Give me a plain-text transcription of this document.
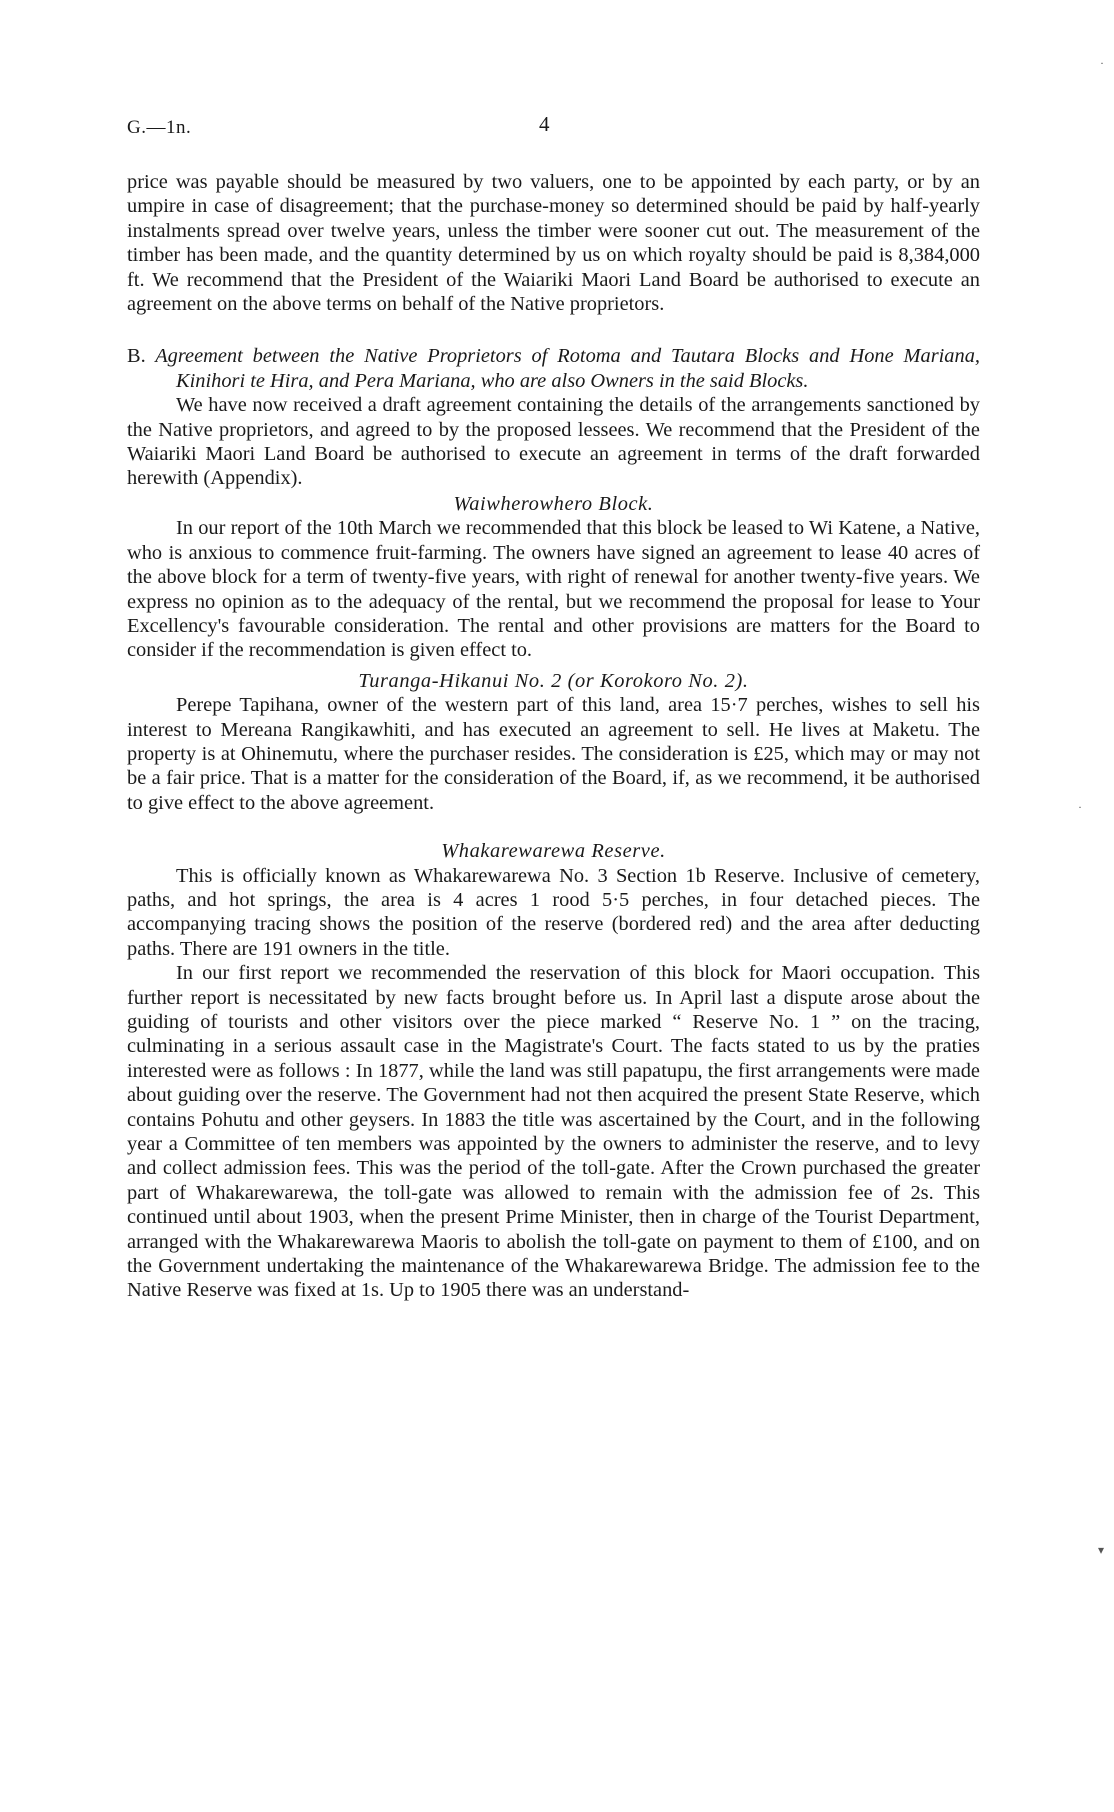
·
·
▾
G.—1n.	4

price was payable should be measured by two valuers, one to be appointed by each party, or by an umpire in case of disagreement; that the purchase-money so determined should be paid by half-yearly instalments spread over twelve years, unless the timber were sooner cut out. The measurement of the timber has been made, and the quantity determined by us on which royalty should be paid is 8,384,000 ft. We recommend that the President of the Waiariki Maori Land Board be authorised to execute an agreement on the above terms on behalf of the Native proprietors.

B. Agreement between the Native Proprietors of Rotoma and Tautara Blocks and Hone Mariana, Kinihori te Hira, and Pera Mariana, who are also Owners in the said Blocks.

We have now received a draft agreement containing the details of the arrangements sanctioned by the Native proprietors, and agreed to by the proposed lessees. We recommend that the President of the Waiariki Maori Land Board be authorised to execute an agreement in terms of the draft forwarded herewith (Appendix).

Waiwherowhero Block.

In our report of the 10th March we recommended that this block be leased to Wi Katene, a Native, who is anxious to commence fruit-farming. The owners have signed an agreement to lease 40 acres of the above block for a term of twenty-five years, with right of renewal for another twenty-five years. We express no opinion as to the adequacy of the rental, but we recommend the proposal for lease to Your Excellency's favourable consideration. The rental and other provisions are matters for the Board to consider if the recommendation is given effect to.

Turanga-Hikanui No. 2 (or Korokoro No. 2).

Perepe Tapihana, owner of the western part of this land, area 15·7 perches, wishes to sell his interest to Mereana Rangikawhiti, and has executed an agreement to sell. He lives at Maketu. The property is at Ohinemutu, where the purchaser resides. The consideration is £25, which may or may not be a fair price. That is a matter for the consideration of the Board, if, as we recommend, it be authorised to give effect to the above agreement.

Whakarewarewa Reserve.

This is officially known as Whakarewarewa No. 3 Section 1b Reserve. Inclusive of cemetery, paths, and hot springs, the area is 4 acres 1 rood 5·5 perches, in four detached pieces. The accompanying tracing shows the position of the reserve (bordered red) and the area after deducting paths. There are 191 owners in the title.

In our first report we recommended the reservation of this block for Maori occupation. This further report is necessitated by new facts brought before us. In April last a dispute arose about the guiding of tourists and other visitors over the piece marked “ Reserve No. 1 ” on the tracing, culminating in a serious assault case in the Magistrate's Court. The facts stated to us by the praties interested were as follows : In 1877, while the land was still papatupu, the first arrangements were made about guiding over the reserve. The Government had not then acquired the present State Reserve, which contains Pohutu and other geysers. In 1883 the title was ascertained by the Court, and in the following year a Committee of ten members was appointed by the owners to administer the reserve, and to levy and collect admission fees. This was the period of the toll-gate. After the Crown purchased the greater part of Whakarewarewa, the toll-gate was allowed to remain with the admission fee of 2s. This continued until about 1903, when the present Prime Minister, then in charge of the Tourist Department, arranged with the Whakarewarewa Maoris to abolish the toll-gate on payment to them of £100, and on the Government undertaking the maintenance of the Whakarewarewa Bridge. The admission fee to the Native Reserve was fixed at 1s. Up to 1905 there was an understand-
